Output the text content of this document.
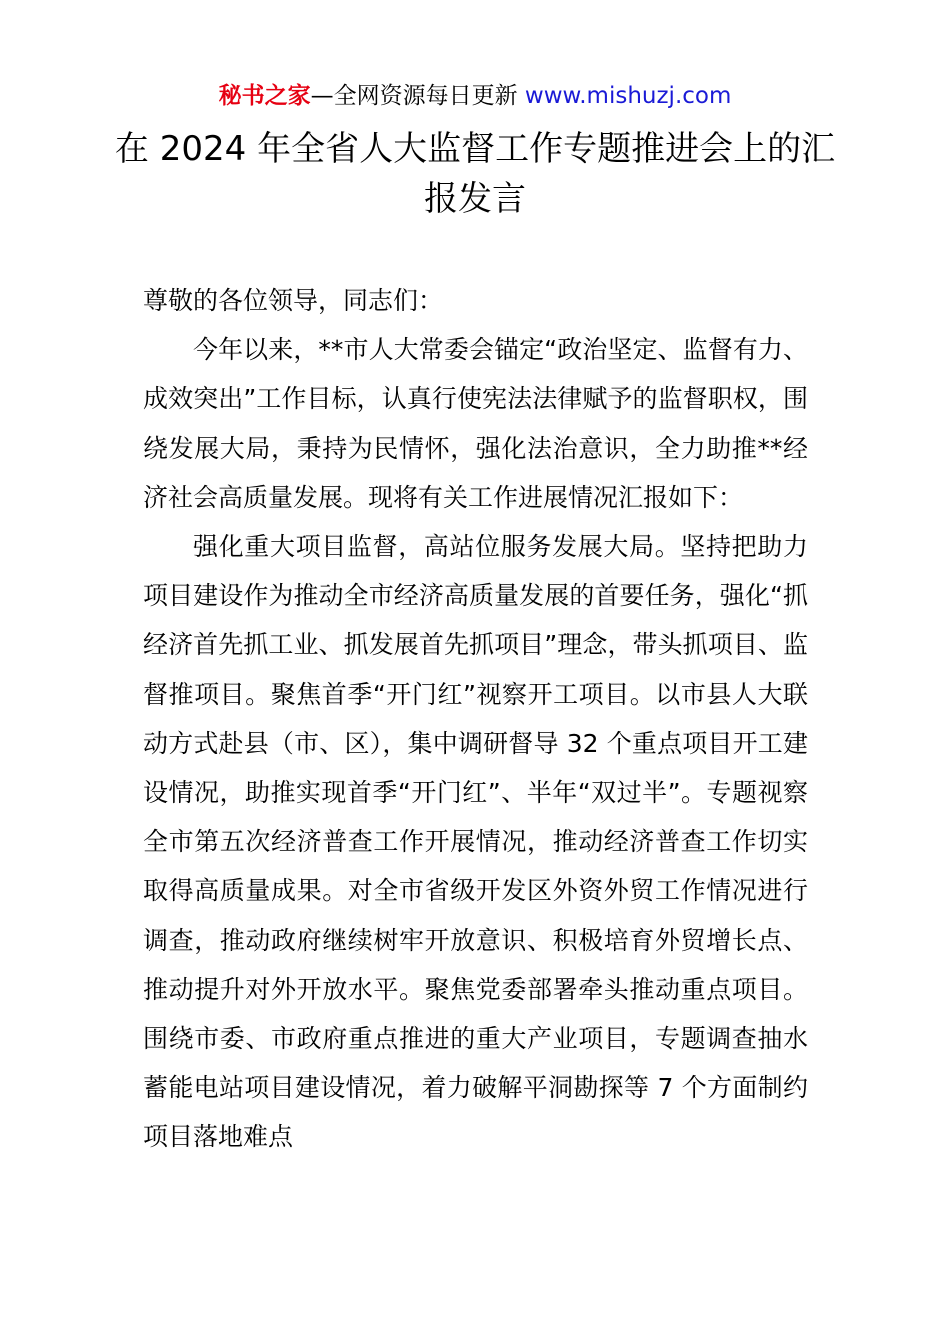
秘书之家—全网资源每日更新 www.mishuzj.com
在 2024 年全省人大监督工作专题推进会上的汇报发言

尊敬的各位领导，同志们：

今年以来，**市人大常委会锚定“政治坚定、监督有力、成效突出”工作目标，认真行使宪法法律赋予的监督职权，围绕发展大局，秉持为民情怀，强化法治意识，全力助推**经济社会高质量发展。现将有关工作进展情况汇报如下：

强化重大项目监督，高站位服务发展大局。坚持把助力项目建设作为推动全市经济高质量发展的首要任务，强化“抓经济首先抓工业、抓发展首先抓项目”理念，带头抓项目、监督推项目。聚焦首季“开门红”视察开工项目。以市县人大联动方式赴县（市、区），集中调研督导 32 个重点项目开工建设情况，助推实现首季“开门红”、半年“双过半”。专题视察全市第五次经济普查工作开展情况，推动经济普查工作切实取得高质量成果。对全市省级开发区外资外贸工作情况进行调查，推动政府继续树牢开放意识、积极培育外贸增长点、推动提升对外开放水平。聚焦党委部署牵头推动重点项目。围绕市委、市政府重点推进的重大产业项目，专题调查抽水蓄能电站项目建设情况，着力破解平洞勘探等 7 个方面制约项目落地难点
